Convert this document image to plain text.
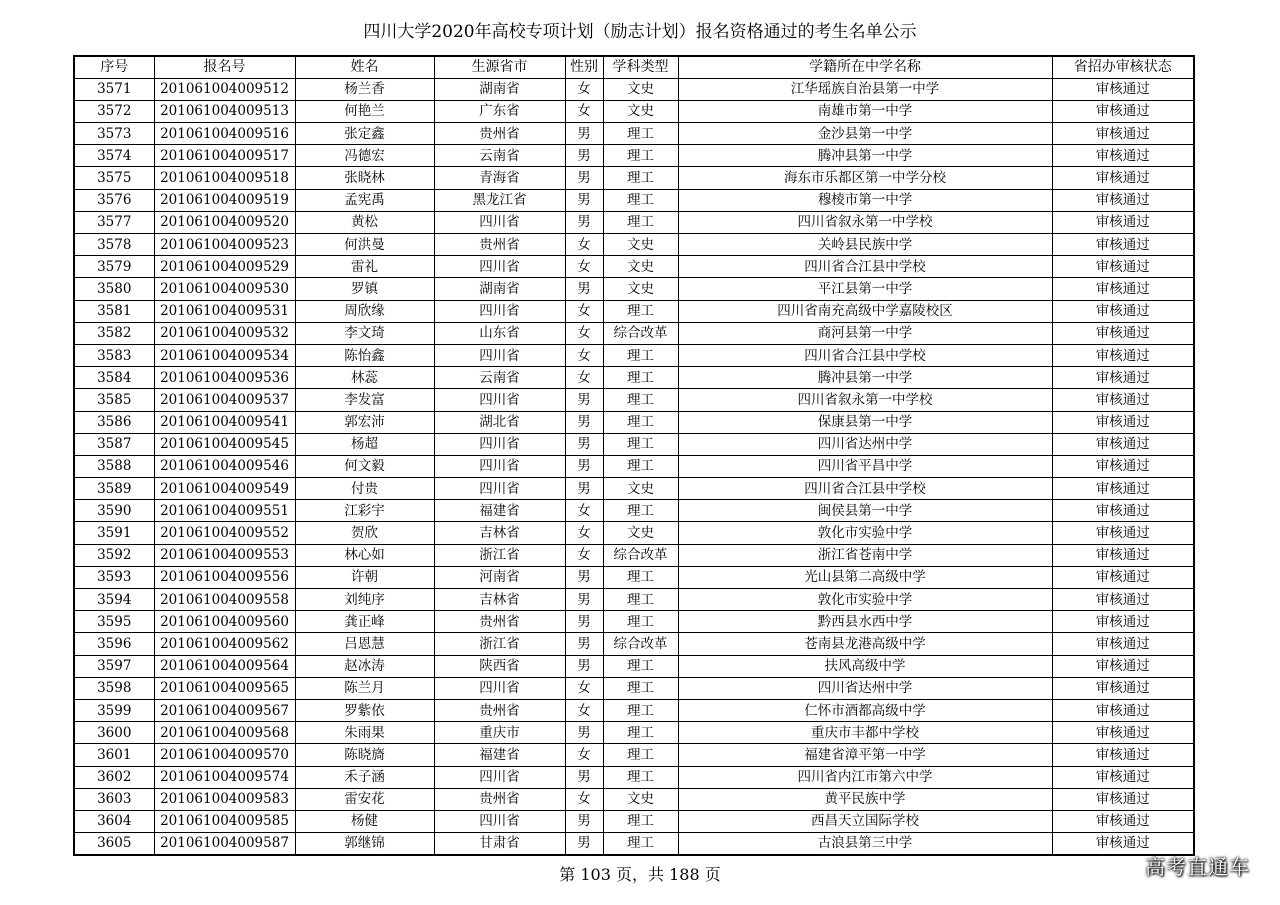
四川大学2020年高校专项计划（励志计划）报名资格通过的考生名单公示
序号	报名号	姓名	生源省市	性别	学科类型	学籍所在中学名称	省招办审核状态
3571	201061004009512	杨兰香	湖南省	女	文史	江华瑶族自治县第一中学	审核通过
3572	201061004009513	何艳兰	广东省	女	文史	南雄市第一中学	审核通过
3573	201061004009516	张定鑫	贵州省	男	理工	金沙县第一中学	审核通过
3574	201061004009517	冯德宏	云南省	男	理工	腾冲县第一中学	审核通过
3575	201061004009518	张晓林	青海省	男	理工	海东市乐都区第一中学分校	审核通过
3576	201061004009519	孟宪禹	黑龙江省	男	理工	穆棱市第一中学	审核通过
3577	201061004009520	黄松	四川省	男	理工	四川省叙永第一中学校	审核通过
3578	201061004009523	何洪曼	贵州省	女	文史	关岭县民族中学	审核通过
3579	201061004009529	雷礼	四川省	女	文史	四川省合江县中学校	审核通过
3580	201061004009530	罗镇	湖南省	男	文史	平江县第一中学	审核通过
3581	201061004009531	周欣缘	四川省	女	理工	四川省南充高级中学嘉陵校区	审核通过
3582	201061004009532	李文琦	山东省	女	综合改革	商河县第一中学	审核通过
3583	201061004009534	陈怡鑫	四川省	女	理工	四川省合江县中学校	审核通过
3584	201061004009536	林蕊	云南省	女	理工	腾冲县第一中学	审核通过
3585	201061004009537	李发富	四川省	男	理工	四川省叙永第一中学校	审核通过
3586	201061004009541	郭宏沛	湖北省	男	理工	保康县第一中学	审核通过
3587	201061004009545	杨超	四川省	男	理工	四川省达州中学	审核通过
3588	201061004009546	何文毅	四川省	男	理工	四川省平昌中学	审核通过
3589	201061004009549	付贵	四川省	男	文史	四川省合江县中学校	审核通过
3590	201061004009551	江彩宇	福建省	女	理工	闽侯县第一中学	审核通过
3591	201061004009552	贺欣	吉林省	女	文史	敦化市实验中学	审核通过
3592	201061004009553	林心如	浙江省	女	综合改革	浙江省苍南中学	审核通过
3593	201061004009556	许朝	河南省	男	理工	光山县第二高级中学	审核通过
3594	201061004009558	刘纯序	吉林省	男	理工	敦化市实验中学	审核通过
3595	201061004009560	龚正峰	贵州省	男	理工	黔西县水西中学	审核通过
3596	201061004009562	吕恩慧	浙江省	男	综合改革	苍南县龙港高级中学	审核通过
3597	201061004009564	赵冰涛	陕西省	男	理工	扶风高级中学	审核通过
3598	201061004009565	陈兰月	四川省	女	理工	四川省达州中学	审核通过
3599	201061004009567	罗紫依	贵州省	女	理工	仁怀市酒都高级中学	审核通过
3600	201061004009568	朱雨果	重庆市	男	理工	重庆市丰都中学校	审核通过
3601	201061004009570	陈晓旖	福建省	女	理工	福建省漳平第一中学	审核通过
3602	201061004009574	禾子涵	四川省	男	理工	四川省内江市第六中学	审核通过
3603	201061004009583	雷安花	贵州省	女	文史	黄平民族中学	审核通过
3604	201061004009585	杨健	四川省	男	理工	西昌天立国际学校	审核通过
3605	201061004009587	郭继锦	甘肃省	男	理工	古浪县第三中学	审核通过
第 103 页，共 188 页	高考直通车
